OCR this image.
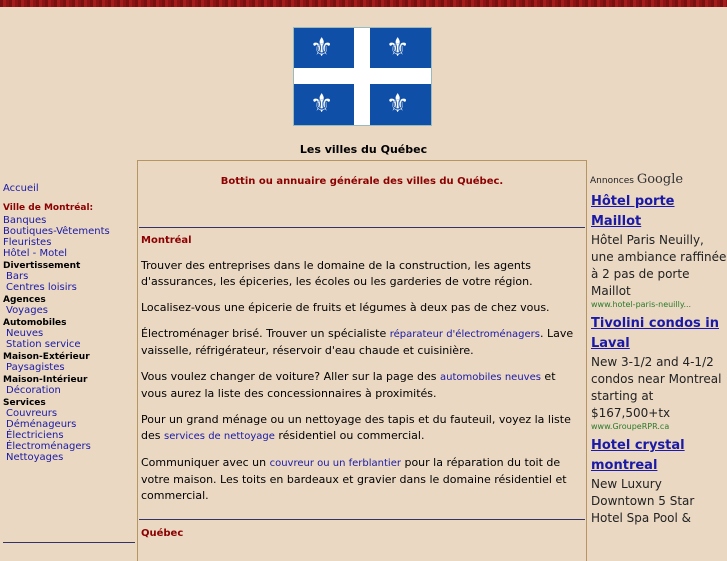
⚜ ⚜
⚜ ⚜
Les villes du Québec
Accueil
Ville de Montréal:
Banques
Boutiques-Vêtements
Fleuristes
Hôtel - Motel
Divertissement
Bars
Centres loisirs
Agences
Voyages
Automobiles
Neuves
Station service
Maison-Extérieur
Paysagistes
Maison-Intérieur
Décoration
Services
Couvreurs
Déménageurs
Électriciens
Électroménagers
Nettoyages
Bottin ou annuaire générale des villes du Québec.
Montréal

Trouver des entreprises dans le domaine de la construction, les agents d'assurances, les épiceries, les écoles ou les garderies de votre région.

Localisez-vous une épicerie de fruits et légumes à deux pas de chez vous.

Électroménager brisé. Trouver un spécialiste réparateur d'électroménagers. Lave vaisselle, réfrigérateur, réservoir d'eau chaude et cuisinière.

Vous voulez changer de voiture? Aller sur la page des automobiles neuves et vous aurez la liste des concessionnaires à proximités.

Pour un grand ménage ou un nettoyage des tapis et du fauteuil, voyez la liste des services de nettoyage résidentiel ou commercial.

Communiquer avec un couvreur ou un ferblantier pour la réparation du toit de votre maison. Les toits en bardeaux et gravier dans le domaine résidentiel et commercial.

Québec
Annonces Google
Hôtel porte Maillot
Hôtel Paris Neuilly, une ambiance raffinée à 2 pas de porte Maillot
www.hotel-paris-neuilly...
Tivolini condos in Laval
New 3-1/2 and 4-1/2 condos near Montreal starting at $167,500+tx
www.GroupeRPR.ca
Hotel crystal montreal
New Luxury Downtown 5 Star Hotel Spa Pool &
